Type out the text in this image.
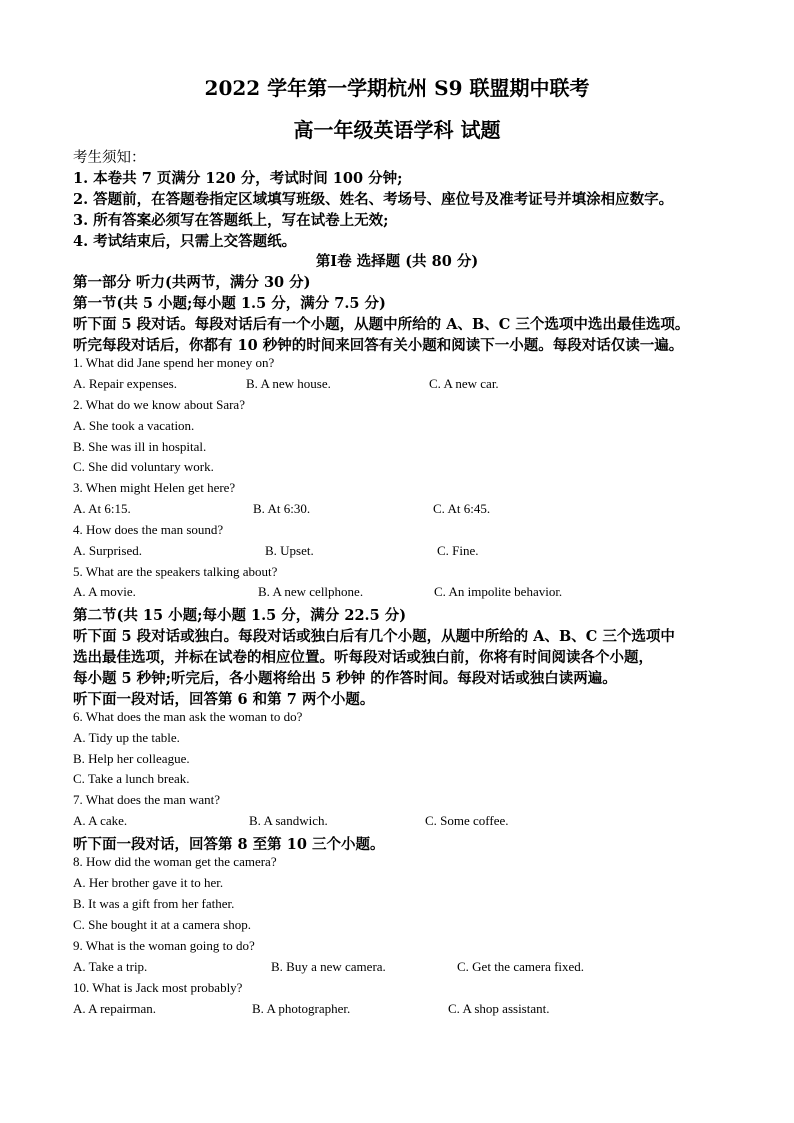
2022 学年第一学期杭州 S9 联盟期中联考
高一年级英语学科 试题
考生须知：
1. 本卷共 7 页满分 120 分，考试时间 100 分钟;
2. 答题前，在答题卷指定区域填写班级、姓名、考场号、座位号及准考证号并填涂相应数字。
3. 所有答案必须写在答题纸上，写在试卷上无效;
4. 考试结束后，只需上交答题纸。
第Ⅰ卷 选择题 (共 80 分)
第一部分 听力(共两节，满分 30 分)
第一节(共 5 小题;每小题 1.5 分，满分 7.5 分)
听下面 5 段对话。每段对话后有一个小题，从题中所给的 A、B、C 三个选项中选出最佳选项。
听完每段对话后，你都有 10 秒钟的时间来回答有关小题和阅读下一小题。每段对话仅读一遍。
1. What did Jane spend her money on?
A. Repair expenses.	B. A new house.	C. A new car.
2. What do we know about Sara?
A. She took a vacation.
B. She was ill in hospital.
C. She did voluntary work.
3. When might Helen get here?
A. At 6:15.	B. At 6:30.	C. At 6:45.
4. How does the man sound?
A. Surprised.	B. Upset.	C. Fine.
5. What are the speakers talking about?
A. A movie.	B. A new cellphone.	C. An impolite behavior.
第二节(共 15 小题;每小题 1.5 分，满分 22.5 分)
听下面 5 段对话或独白。每段对话或独白后有几个小题，从题中所给的 A、B、C 三个选项中
选出最佳选项，并标在试卷的相应位置。听每段对话或独白前，你将有时间阅读各个小题，
每小题 5 秒钟;听完后，各小题将给出 5 秒钟 的作答时间。每段对话或独白读两遍。
听下面一段对话，回答第 6 和第 7 两个小题。
6. What does the man ask the woman to do?
A. Tidy up the table.
B. Help her colleague.
C. Take a lunch break.
7. What does the man want?
A. A cake.	B. A sandwich.	C. Some coffee.
听下面一段对话，回答第 8 至第 10 三个小题。
8. How did the woman get the camera?
A. Her brother gave it to her.
B. It was a gift from her father.
C. She bought it at a camera shop.
9. What is the woman going to do?
A. Take a trip.	B. Buy a new camera.	C. Get the camera fixed.
10. What is Jack most probably?
A. A repairman.	B. A photographer.	C. A shop assistant.
